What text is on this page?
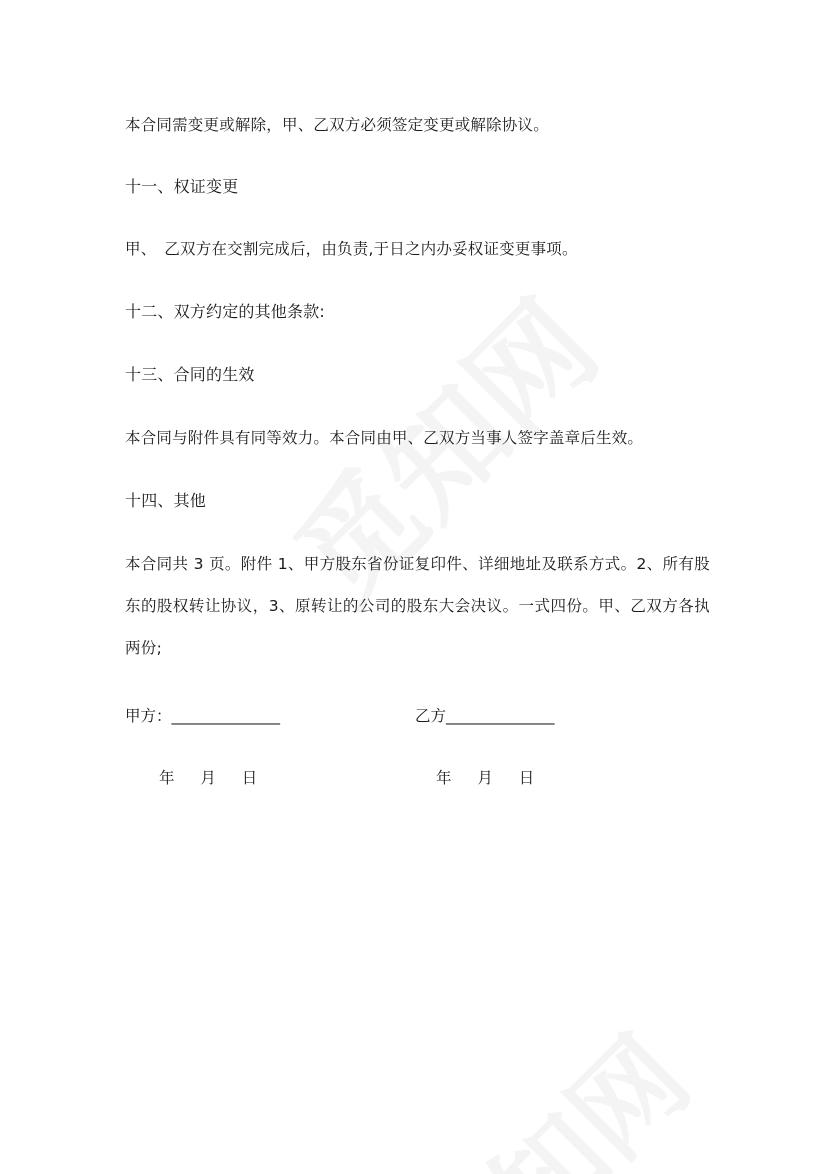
本合同需变更或解除，甲、乙双方必须签定变更或解除协议。
十一、权证变更
甲、　乙双方在交割完成后，由负责,于日之内办妥权证变更事项。
十二、双方约定的其他条款:
十三、合同的生效
本合同与附件具有同等效力。本合同由甲、乙双方当事人签字盖章后生效。
十四、其他
本合同共 3 页。附件 1、甲方股东省份证复印件、详细地址及联系方式。2、所有股东的股权转让协议，3、原转让的公司的股东大会决议。一式四份。甲、乙双方各执两份;
甲方：______________	乙方______________
年 月 日	年 月 日
